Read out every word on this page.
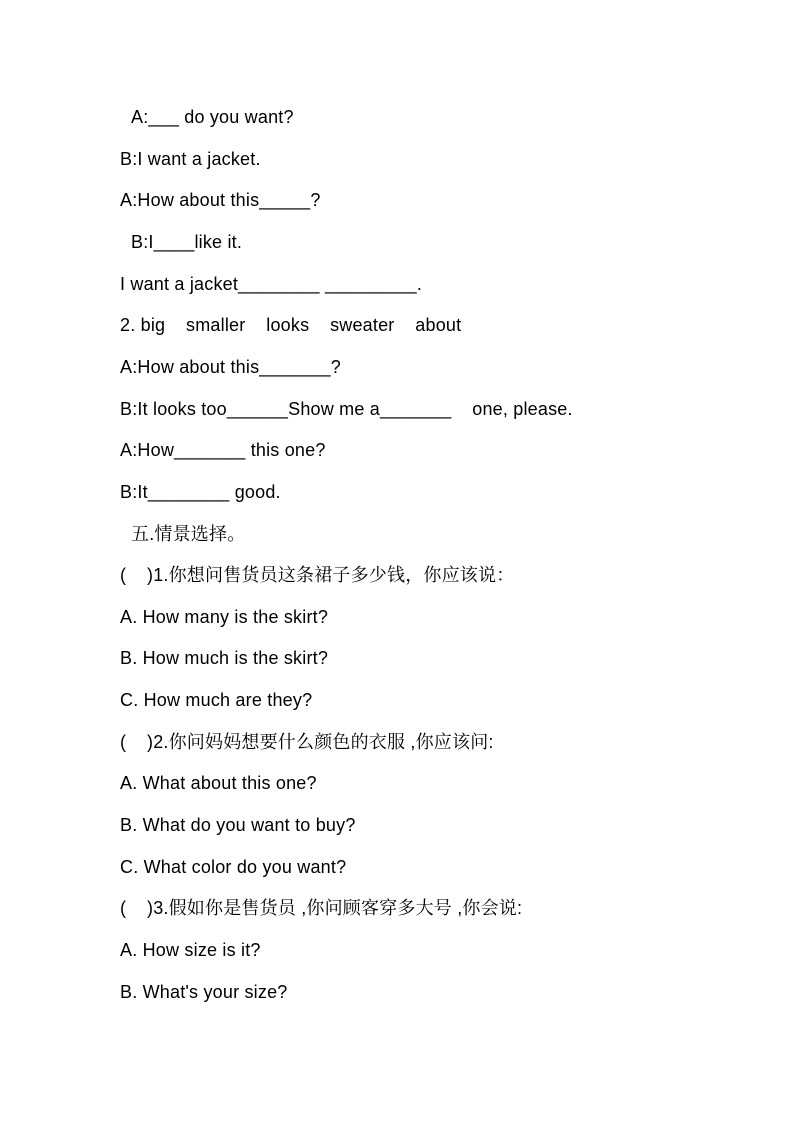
A:___ do you want?
B:I want a jacket.
A:How about this_____?
B:I____like it.
I want a jacket________ _________.
2. big    smaller    looks    sweater    about
A:How about this_______?
B:It looks too______Show me a_______    one, please.
A:How_______ this one?
B:It________ good.
五.情景选择。
(    )1.你想问售货员这条裙子多少钱，你应该说：
A. How many is the skirt?
B. How much is the skirt?
C. How much are they?
(    )2.你问妈妈想要什么颜色的衣服 ,你应该问:
A. What about this one?
B. What do you want to buy?
C. What color do you want?
(    )3.假如你是售货员 ,你问顾客穿多大号 ,你会说:
A. How size is it?
B. What's your size?
